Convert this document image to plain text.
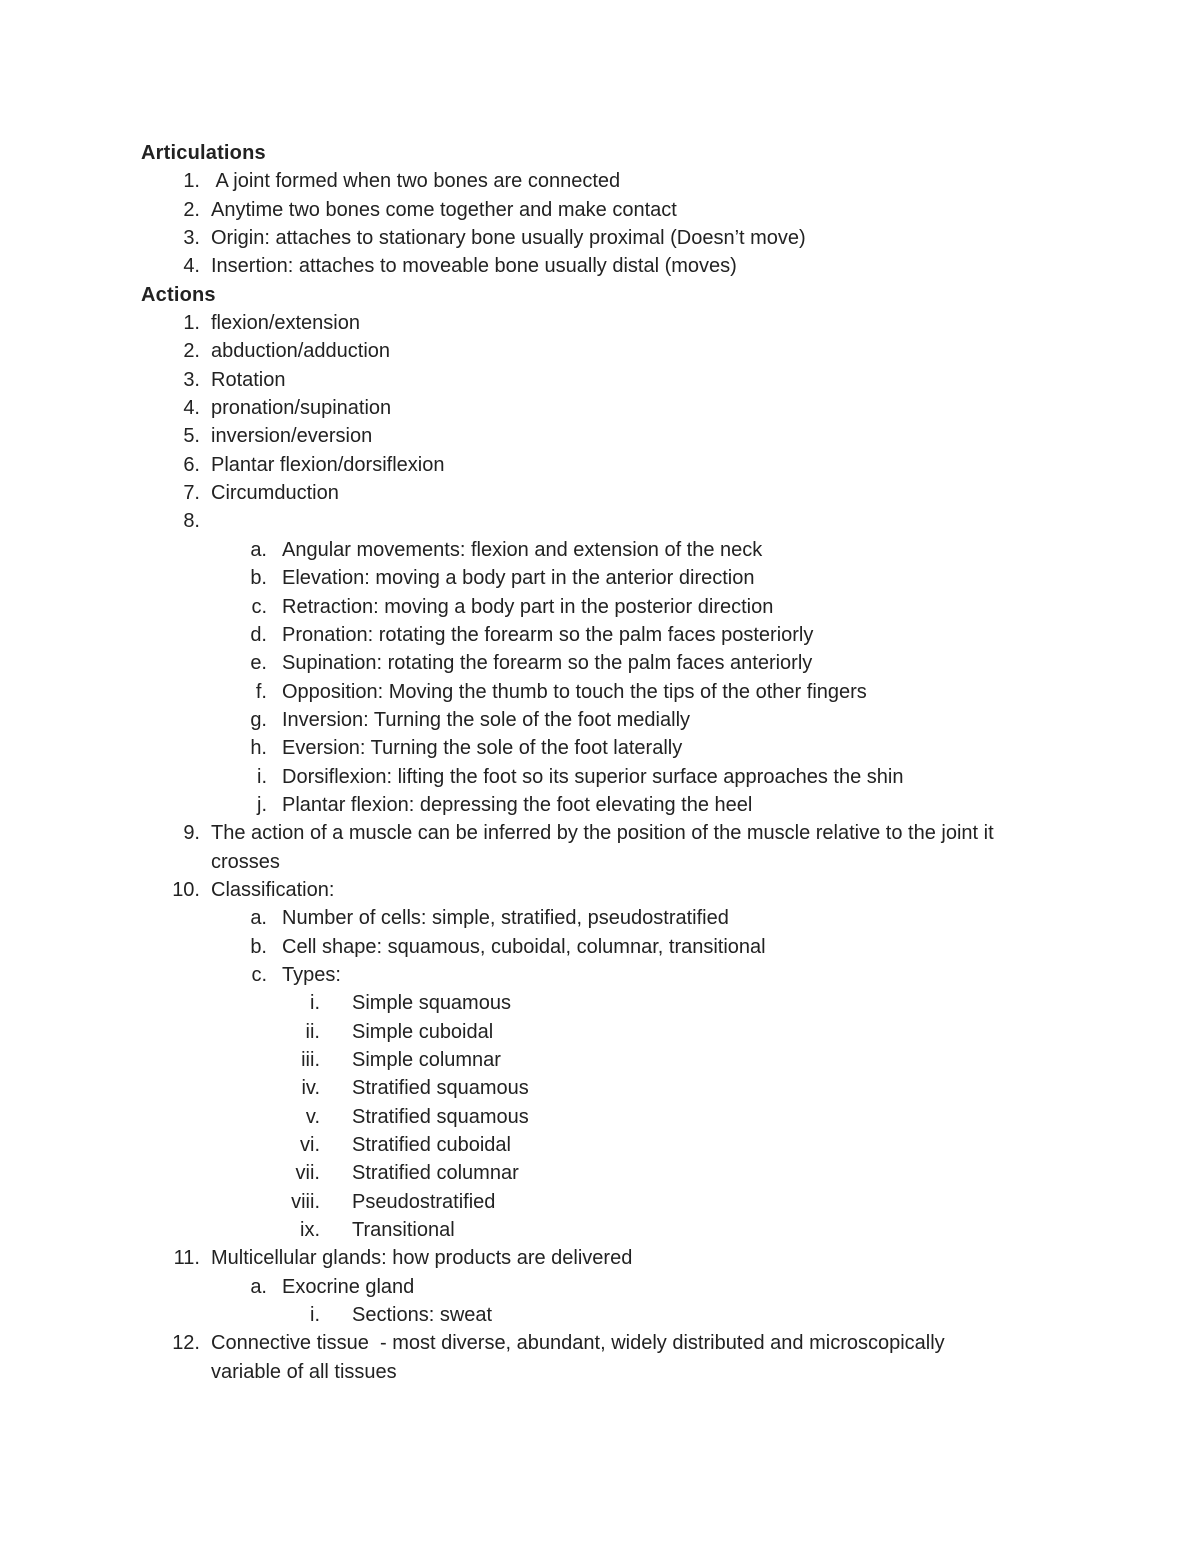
Articulations
1. A joint formed when two bones are connected
2. Anytime two bones come together and make contact
3. Origin: attaches to stationary bone usually proximal (Doesn’t move)
4. Insertion: attaches to moveable bone usually distal (moves)
Actions
1. flexion/extension
2. abduction/adduction
3. Rotation
4. pronation/supination
5. inversion/eversion
6. Plantar flexion/dorsiflexion
7. Circumduction
8.
a. Angular movements: flexion and extension of the neck
b. Elevation: moving a body part in the anterior direction
c. Retraction: moving a body part in the posterior direction
d. Pronation: rotating the forearm so the palm faces posteriorly
e. Supination: rotating the forearm so the palm faces anteriorly
f. Opposition: Moving the thumb to touch the tips of the other fingers
g. Inversion: Turning the sole of the foot medially
h. Eversion: Turning the sole of the foot laterally
i. Dorsiflexion: lifting the foot so its superior surface approaches the shin
j. Plantar flexion: depressing the foot elevating the heel
9. The action of a muscle can be inferred by the position of the muscle relative to the joint it
crosses
10. Classification:
a. Number of cells: simple, stratified, pseudostratified
b. Cell shape: squamous, cuboidal, columnar, transitional
c. Types:
i. Simple squamous
ii. Simple cuboidal
iii. Simple columnar
iv. Stratified squamous
v. Stratified squamous
vi. Stratified cuboidal
vii. Stratified columnar
viii. Pseudostratified
ix. Transitional
11. Multicellular glands: how products are delivered
a. Exocrine gland
i. Sections: sweat
12. Connective tissue  - most diverse, abundant, widely distributed and microscopically
variable of all tissues
